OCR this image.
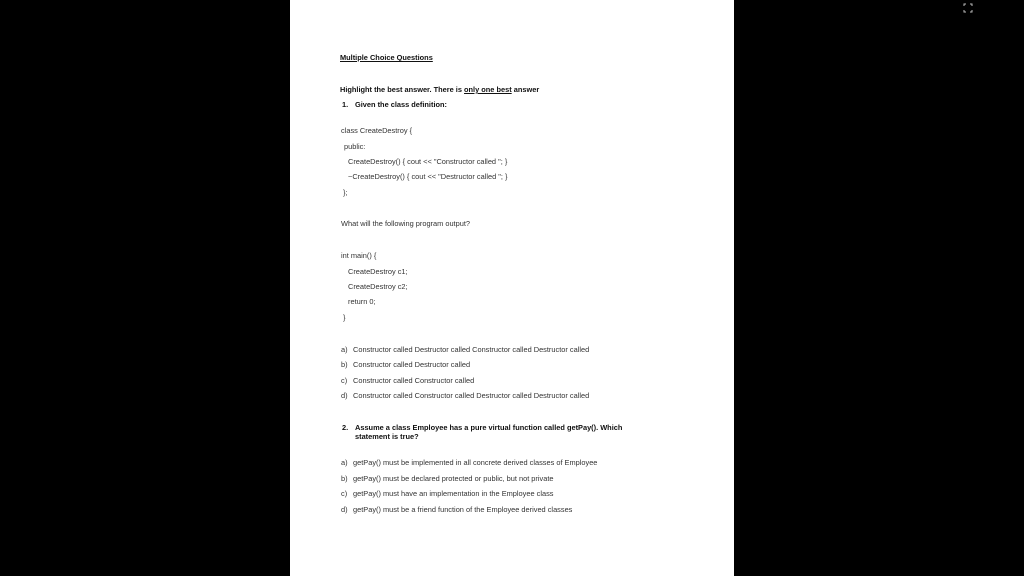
Multiple Choice Questions
Highlight the best answer. There is only one best answer
1. Given the class definition:
class CreateDestroy {
public:
CreateDestroy() { cout << "Constructor called "; }
~CreateDestroy() { cout << "Destructor called "; }
};
What will the following program output?
int main() {
CreateDestroy c1;
CreateDestroy c2;
return 0;
}
a) Constructor called Destructor called Constructor called Destructor called
b) Constructor called Destructor called
c) Constructor called Constructor called
d) Constructor called Constructor called Destructor called Destructor called
2. Assume a class Employee has a pure virtual function called getPay(). Which
statement is true?
a) getPay() must be implemented in all concrete derived classes of Employee
b) getPay() must be declared protected or public, but not private
c) getPay() must have an implementation in the Employee class
d) getPay() must be a friend function of the Employee derived classes
